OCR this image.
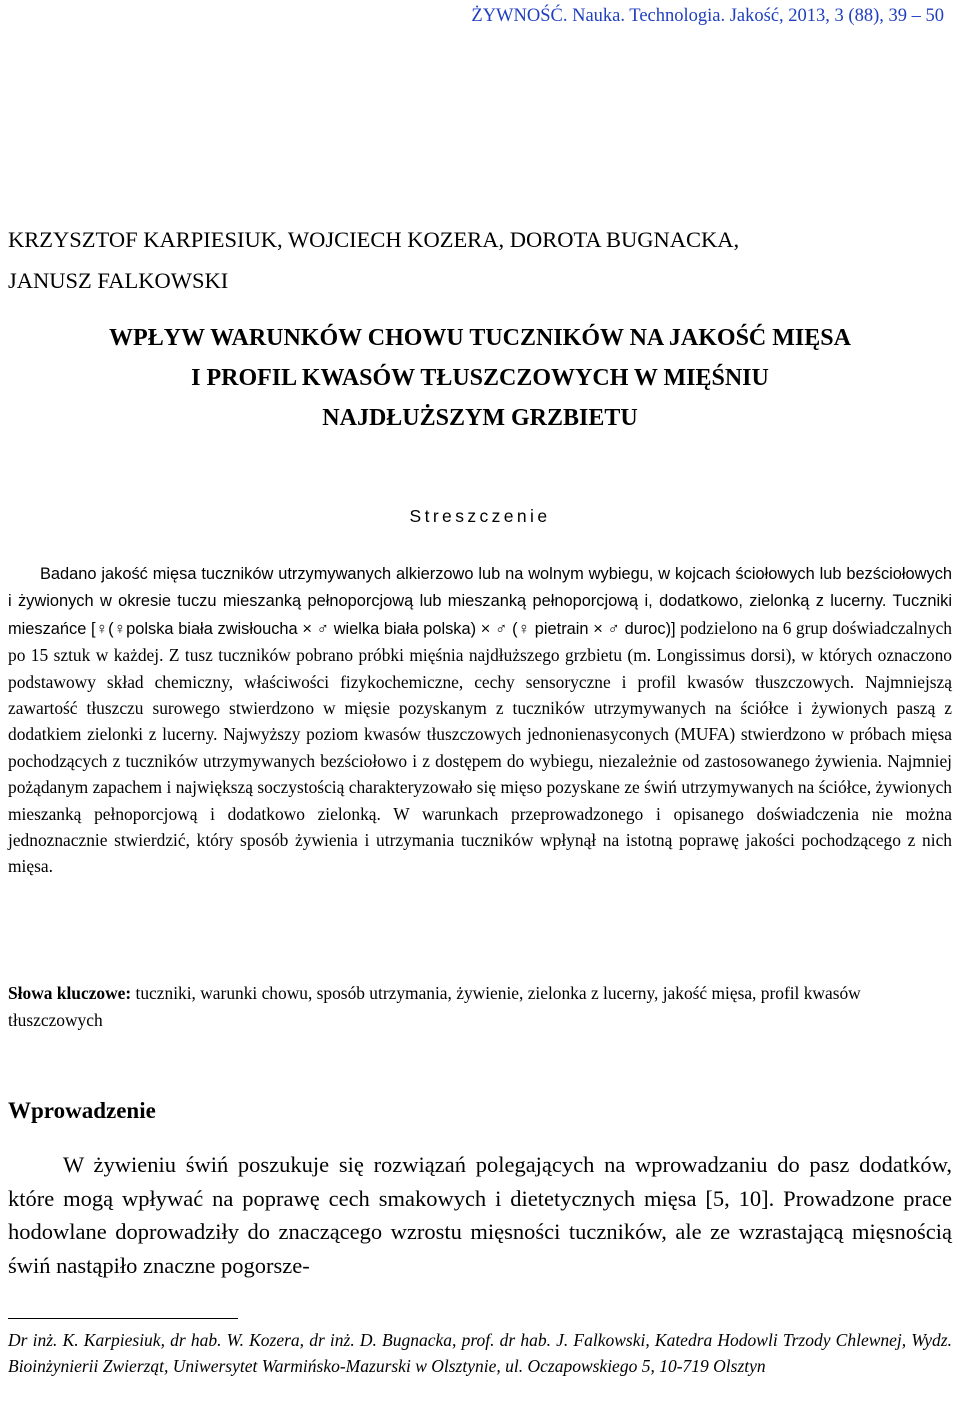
ŻYWNOŚĆ. Nauka. Technologia. Jakość, 2013, 3 (88), 39 – 50
KRZYSZTOF KARPIESIUK, WOJCIECH KOZERA, DOROTA BUGNACKA,
JANUSZ FALKOWSKI
WPŁYW WARUNKÓW CHOWU TUCZNIKÓW NA JAKOŚĆ MIĘSA
I PROFIL KWASÓW TŁUSZCZOWYCH W MIĘŚNIU
NAJDŁUŻSZYM GRZBIETU
Streszczenie

Badano jakość mięsa tuczników utrzymywanych alkierzowo lub na wolnym wybiegu, w kojcach ściołowych lub bezściołowych i żywionych w okresie tuczu mieszanką pełnoporcjową lub mieszanką pełnoporcjową i, dodatkowo, zielonką z lucerny. Tuczniki mieszańce [♀(♀polska biała zwisłoucha × ♂ wielka biała polska) × ♂ (♀ pietrain × ♂ duroc)] podzielono na 6 grup doświadczalnych po 15 sztuk w każdej. Z tusz tuczników pobrano próbki mięśnia najdłuższego grzbietu (m. Longissimus dorsi), w których oznaczono podstawowy skład chemiczny, właściwości fizykochemiczne, cechy sensoryczne i profil kwasów tłuszczowych. Najmniejszą zawartość tłuszczu surowego stwierdzono w mięsie pozyskanym z tuczników utrzymywanych na ściółce i żywionych paszą z dodatkiem zielonki z lucerny. Najwyższy poziom kwasów tłuszczowych jednonienasyconych (MUFA) stwierdzono w próbach mięsa pochodzących z tuczników utrzymywanych bezściołowo i z dostępem do wybiegu, niezależnie od zastosowanego żywienia. Najmniej pożądanym zapachem i największą soczystością charakteryzowało się mięso pozyskane ze świń utrzymywanych na ściółce, żywionych mieszanką pełnoporcjową i dodatkowo zielonką. W warunkach przeprowadzonego i opisanego doświadczenia nie można jednoznacznie stwierdzić, który sposób żywienia i utrzymania tuczników wpłynął na istotną poprawę jakości pochodzącego z nich mięsa.

Słowa kluczowe: tuczniki, warunki chowu, sposób utrzymania, żywienie, zielonka z lucerny, jakość mięsa, profil kwasów tłuszczowych
Wprowadzenie

W żywieniu świń poszukuje się rozwiązań polegających na wprowadzaniu do pasz dodatków, które mogą wpływać na poprawę cech smakowych i dietetycznych mięsa [5, 10]. Prowadzone prace hodowlane doprowadziły do znaczącego wzrostu mięsności tuczników, ale ze wzrastającą mięsnością świń nastąpiło znaczne pogorsze-

Dr inż. K. Karpiesiuk, dr hab. W. Kozera, dr inż. D. Bugnacka, prof. dr hab. J. Falkowski, Katedra Hodowli Trzody Chlewnej, Wydz. Bioinżynierii Zwierząt, Uniwersytet Warmińsko-Mazurski w Olsztynie, ul. Oczapowskiego 5, 10-719 Olsztyn
